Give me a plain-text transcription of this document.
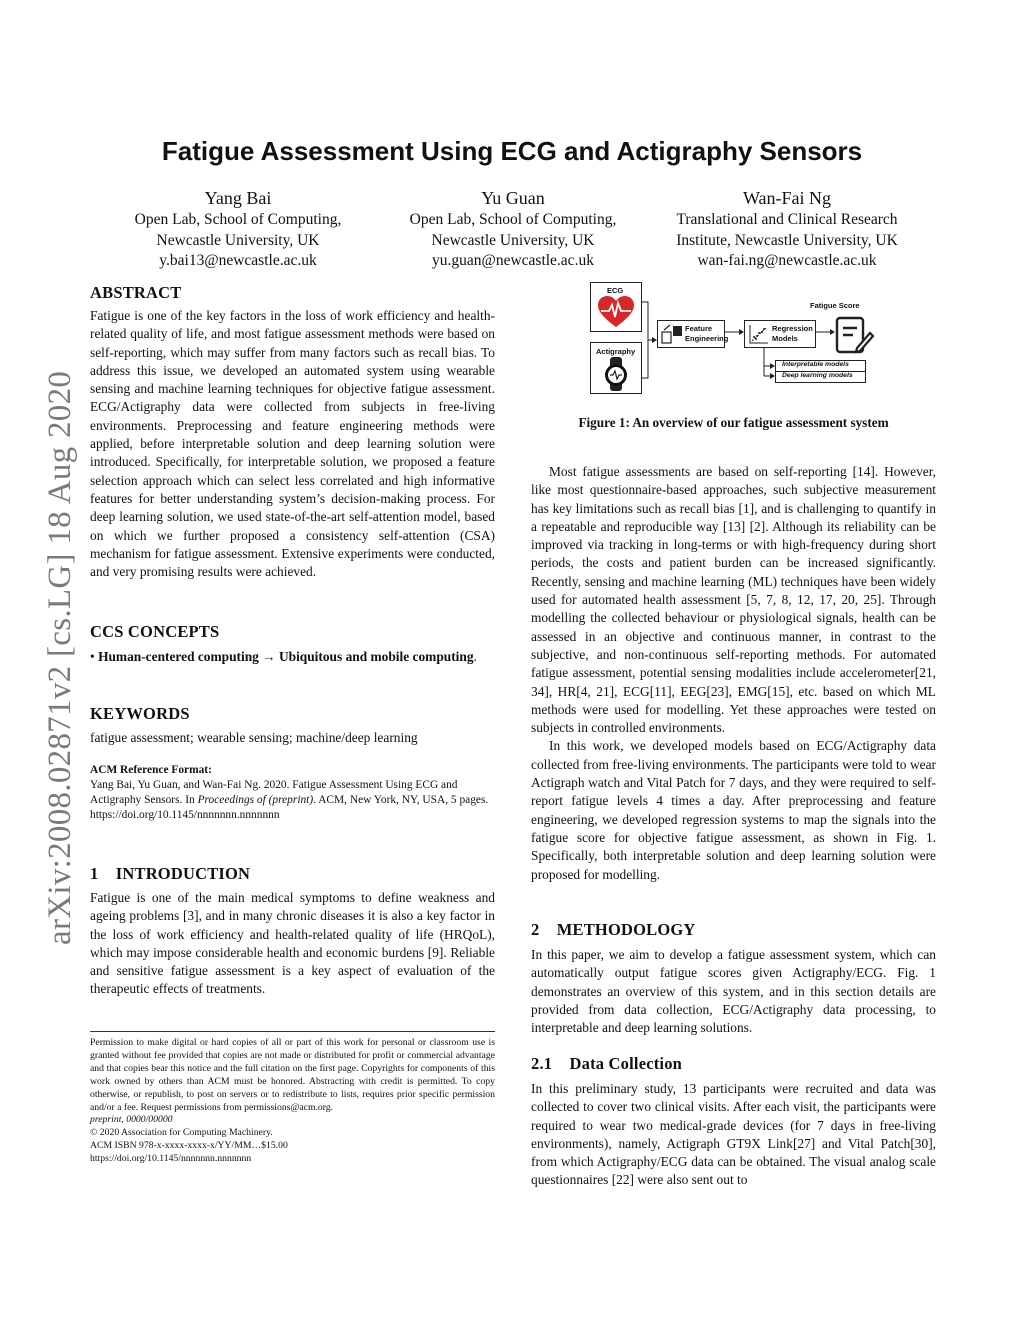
arXiv:2008.02871v2 [cs.LG] 18 Aug 2020
Fatigue Assessment Using ECG and Actigraphy Sensors
Yang Bai
Open Lab, School of Computing,
Newcastle University, UK
y.bai13@newcastle.ac.uk
Yu Guan
Open Lab, School of Computing,
Newcastle University, UK
yu.guan@newcastle.ac.uk
Wan-Fai Ng
Translational and Clinical Research
Institute, Newcastle University, UK
wan-fai.ng@newcastle.ac.uk
ABSTRACT

Fatigue is one of the key factors in the loss of work efficiency and health-related quality of life, and most fatigue assessment methods were based on self-reporting, which may suffer from many factors such as recall bias. To address this issue, we developed an automated system using wearable sensing and machine learning techniques for objective fatigue assessment. ECG/Actigraphy data were collected from subjects in free-living environments. Preprocessing and feature engineering methods were applied, before interpretable solution and deep learning solution were introduced. Specifically, for interpretable solution, we proposed a feature selection approach which can select less correlated and high informative features for better understanding system’s decision-making process. For deep learning solution, we used state-of-the-art self-attention model, based on which we further proposed a consistency self-attention (CSA) mechanism for fatigue assessment. Extensive experiments were conducted, and very promising results were achieved.

CCS CONCEPTS

• Human-centered computing → Ubiquitous and mobile computing.

KEYWORDS

fatigue assessment; wearable sensing; machine/deep learning

ACM Reference Format:

Yang Bai, Yu Guan, and Wan-Fai Ng. 2020. Fatigue Assessment Using ECG and Actigraphy Sensors. In Proceedings of (preprint). ACM, New York, NY, USA, 5 pages. https://doi.org/10.1145/nnnnnnn.nnnnnnn

1    INTRODUCTION

Fatigue is one of the main medical symptoms to define weakness and ageing problems [3], and in many chronic diseases it is also a key factor in the loss of work efficiency and health-related quality of life (HRQoL), which may impose considerable health and economic burdens [9]. Reliable and sensitive fatigue assessment is a key aspect of evaluation of the therapeutic effects of treatments.

Permission to make digital or hard copies of all or part of this work for personal or classroom use is granted without fee provided that copies are not made or distributed for profit or commercial advantage and that copies bear this notice and the full citation on the first page. Copyrights for components of this work owned by others than ACM must be honored. Abstracting with credit is permitted. To copy otherwise, or republish, to post on servers or to redistribute to lists, requires prior specific permission and/or a fee. Request permissions from permissions@acm.org.

preprint, 0000/00000

© 2020 Association for Computing Machinery.

ACM ISBN 978-x-xxxx-xxxx-x/YY/MM…$15.00

https://doi.org/10.1145/nnnnnnn.nnnnnnn

ECG
Actigraphy
Feature
Engineering
Regression
Models
Fatigue Score
Interpretable models
Deep learning models
Figure 1: An overview of our fatigue assessment system

Most fatigue assessments are based on self-reporting [14]. However, like most questionnaire-based approaches, such subjective measurement has key limitations such as recall bias [1], and is challenging to quantify in a repeatable and reproducible way [13] [2]. Although its reliability can be improved via tracking in long-terms or with high-frequency during short periods, the costs and patient burden can be increased significantly. Recently, sensing and machine learning (ML) techniques have been widely used for automated health assessment [5, 7, 8, 12, 17, 20, 25]. Through modelling the collected behaviour or physiological signals, health can be assessed in an objective and continuous manner, in contrast to the subjective, and non-continuous self-reporting methods. For automated fatigue assessment, potential sensing modalities include accelerometer[21, 34], HR[4, 21], ECG[11], EEG[23], EMG[15], etc. based on which ML methods were used for modelling. Yet these approaches were tested on subjects in controlled environments.

In this work, we developed models based on ECG/Actigraphy data collected from free-living environments. The participants were told to wear Actigraph watch and Vital Patch for 7 days, and they were required to self-report fatigue levels 4 times a day. After preprocessing and feature engineering, we developed regression systems to map the signals into the fatigue score for objective fatigue assessment, as shown in Fig. 1. Specifically, both interpretable solution and deep learning solution were proposed for modelling.

2    METHODOLOGY

In this paper, we aim to develop a fatigue assessment system, which can automatically output fatigue scores given Actigraphy/ECG. Fig. 1 demonstrates an overview of this system, and in this section details are provided from data collection, ECG/Actigraphy data processing, to interpretable and deep learning solutions.

2.1    Data Collection

In this preliminary study, 13 participants were recruited and data was collected to cover two clinical visits. After each visit, the participants were required to wear two medical-grade devices (for 7 days in free-living environments), namely, Actigraph GT9X Link[27] and Vital Patch[30], from which Actigraphy/ECG data can be obtained. The visual analog scale questionnaires [22] were also sent out to
